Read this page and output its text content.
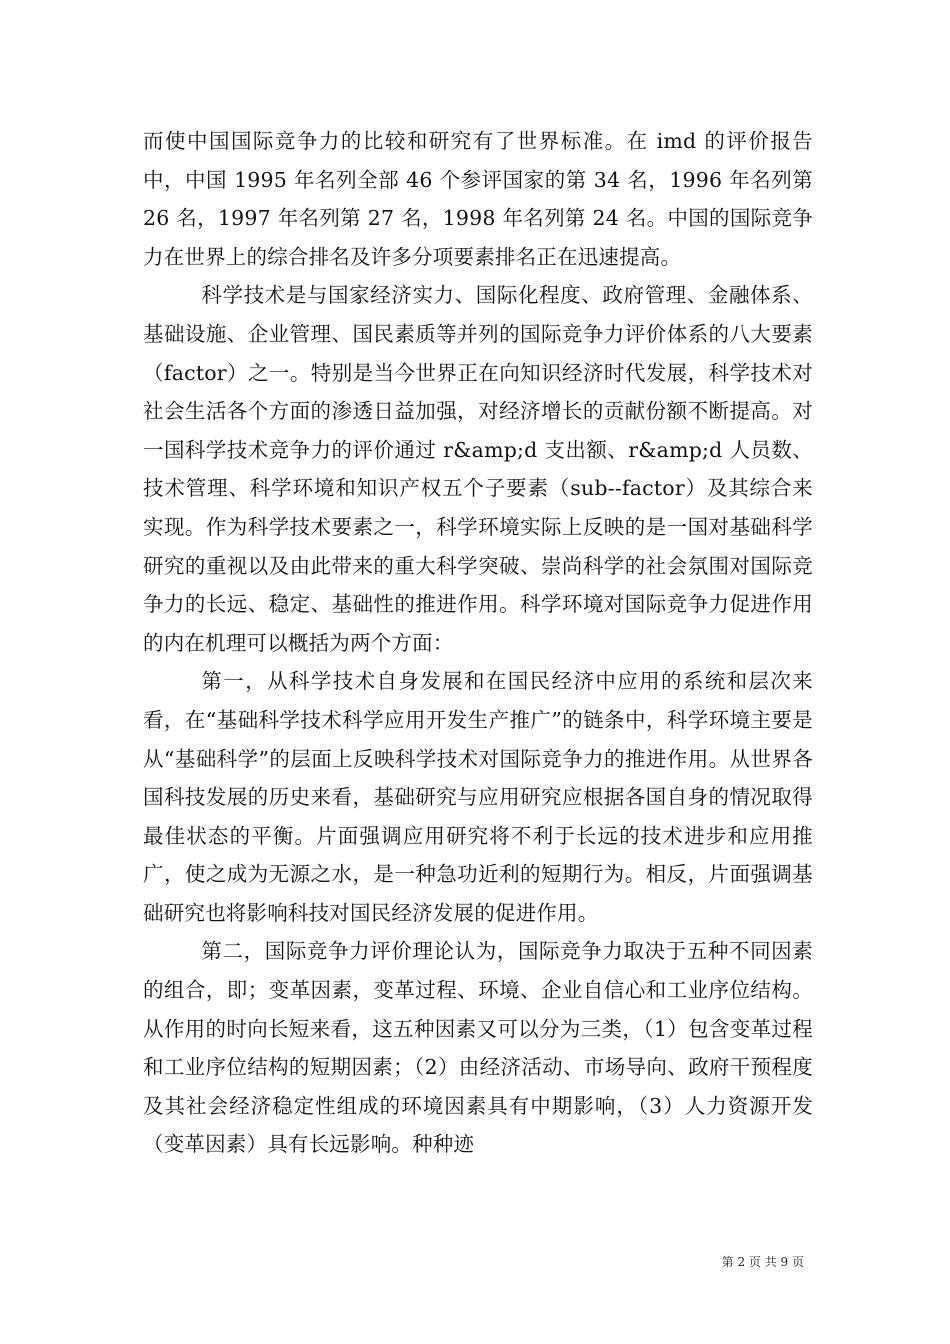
而使中国国际竞争力的比较和研究有了世界标准。在 imd 的评价报告中，中国 1995 年名列全部 46 个参评国家的第 34 名，1996 年名列第 26 名，1997 年名列第 27 名，1998 年名列第 24 名。中国的国际竞争力在世界上的综合排名及许多分项要素排名正在迅速提高。

科学技术是与国家经济实力、国际化程度、政府管理、金融体系、基础设施、企业管理、国民素质等并列的国际竞争力评价体系的八大要素（factor）之一。特别是当今世界正在向知识经济时代发展，科学技术对社会生活各个方面的渗透日益加强，对经济增长的贡献份额不断提高。对一国科学技术竞争力的评价通过 r&amp;d 支出额、r&amp;d 人员数、技术管理、科学环境和知识产权五个子要素（sub--factor）及其综合来实现。作为科学技术要素之一，科学环境实际上反映的是一国对基础科学研究的重视以及由此带来的重大科学突破、崇尚科学的社会氛围对国际竞争力的长远、稳定、基础性的推进作用。科学环境对国际竞争力促进作用的内在机理可以概括为两个方面：

第一，从科学技术自身发展和在国民经济中应用的系统和层次来看，在“基础科学技术科学应用开发生产推广”的链条中，科学环境主要是从“基础科学”的层面上反映科学技术对国际竞争力的推进作用。从世界各国科技发展的历史来看，基础研究与应用研究应根据各国自身的情况取得最佳状态的平衡。片面强调应用研究将不利于长远的技术进步和应用推广，使之成为无源之水，是一种急功近利的短期行为。相反，片面强调基础研究也将影响科技对国民经济发展的促进作用。

第二，国际竞争力评价理论认为，国际竞争力取决于五种不同因素的组合，即；变革因素，变革过程、环境、企业自信心和工业序位结构。从作用的时向长短来看，这五种因素又可以分为三类，（1）包含变革过程和工业序位结构的短期因素；（2）由经济活动、市场导向、政府干预程度及其社会经济稳定性组成的环境因素具有中期影响，（3）人力资源开发（变革因素）具有长远影响。种种迹

第 2 页 共 9 页
